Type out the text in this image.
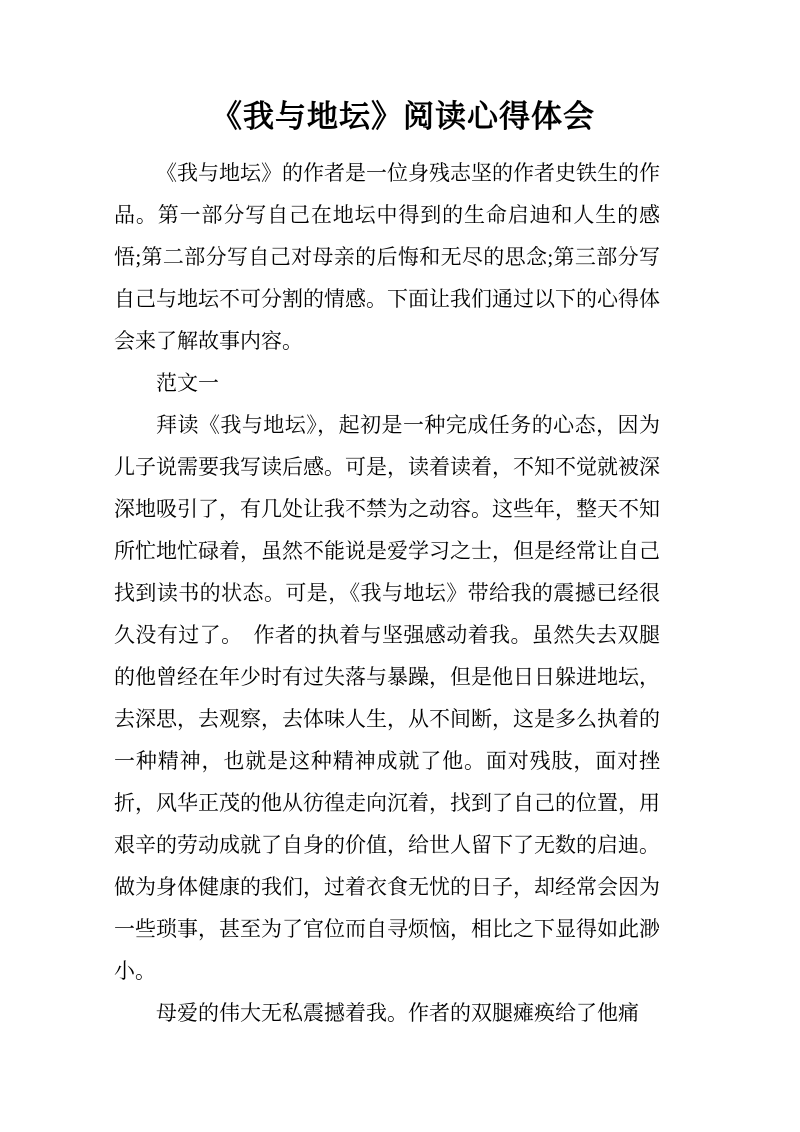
《我与地坛》阅读心得体会

《我与地坛》的作者是一位身残志坚的作者史铁生的作品。第一部分写自己在地坛中得到的生命启迪和人生的感悟;第二部分写自己对母亲的后悔和无尽的思念;第三部分写自己与地坛不可分割的情感。下面让我们通过以下的心得体会来了解故事内容。

范文一

拜读《我与地坛》，起初是一种完成任务的心态，因为儿子说需要我写读后感。可是，读着读着，不知不觉就被深深地吸引了，有几处让我不禁为之动容。这些年，整天不知所忙地忙碌着，虽然不能说是爱学习之士，但是经常让自己找到读书的状态。可是，《我与地坛》带给我的震撼已经很久没有过了。　作者的执着与坚强感动着我。虽然失去双腿的他曾经在年少时有过失落与暴躁，但是他日日躲进地坛，去深思，去观察，去体味人生，从不间断，这是多么执着的一种精神，也就是这种精神成就了他。面对残肢，面对挫折，风华正茂的他从彷徨走向沉着，找到了自己的位置，用艰辛的劳动成就了自身的价值，给世人留下了无数的启迪。做为身体健康的我们，过着衣食无忧的日子，却经常会因为一些琐事，甚至为了官位而自寻烦恼，相比之下显得如此渺小。

母爱的伟大无私震撼着我。作者的双腿瘫痪给了他痛
